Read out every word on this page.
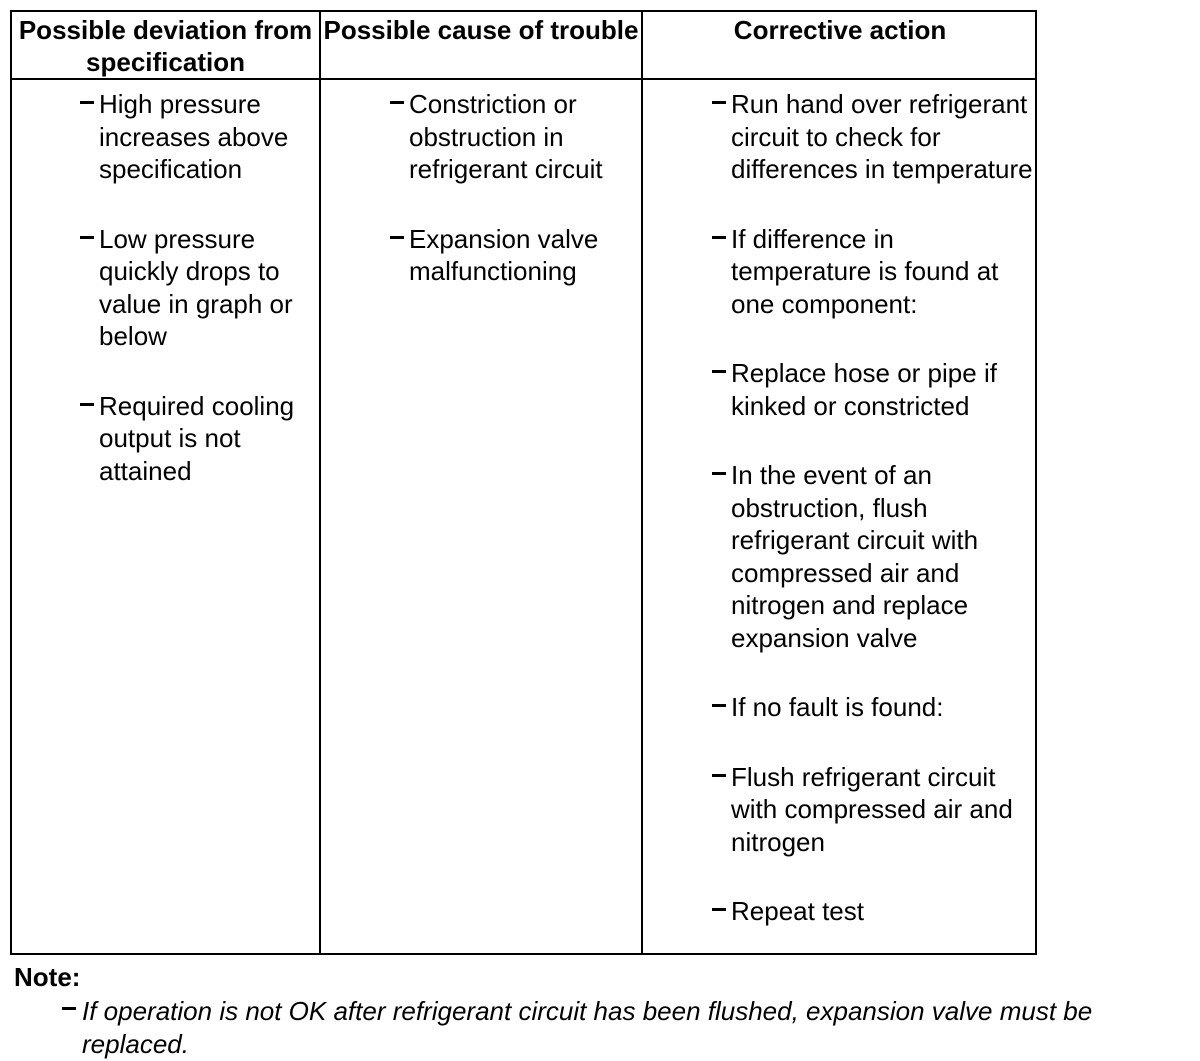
Possible deviation from specification
Possible cause of trouble	Corrective action
High pressure increases above specification
Low pressure quickly drops to value in graph or below
Required cooling output is not attained
Constriction or obstruction in refrigerant circuit
Expansion valve malfunctioning
Run hand over refrigerant circuit to check for differences in temperature
If difference in temperature is found at one component:
Replace hose or pipe if kinked or constricted
In the event of an obstruction, flush refrigerant circuit with compressed air and nitrogen and replace expansion valve
If no fault is found:
Flush refrigerant circuit with compressed air and nitrogen
Repeat test
Note:
If operation is not OK after refrigerant circuit has been flushed, expansion valve must be replaced.
